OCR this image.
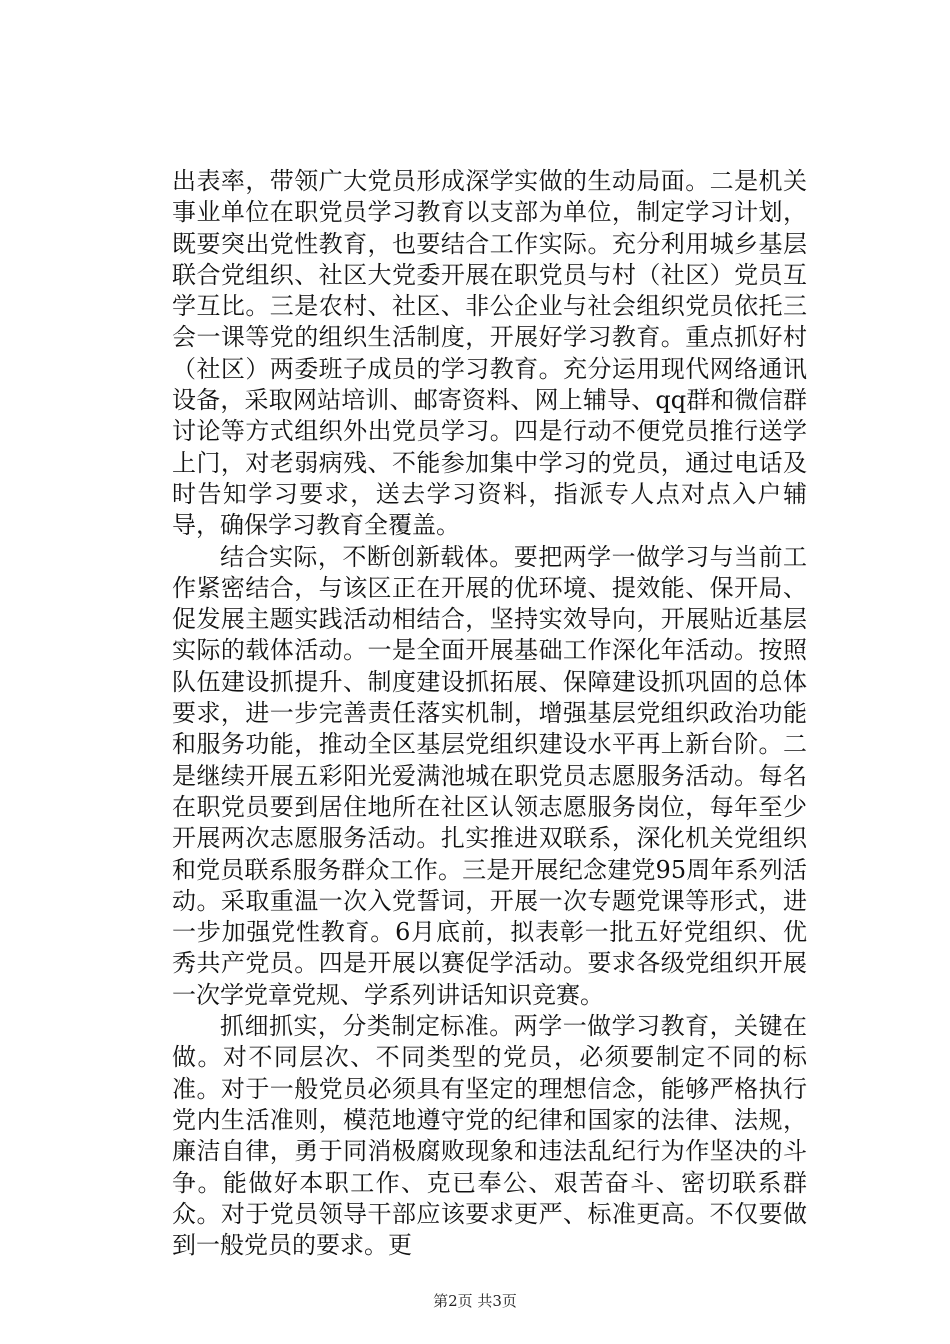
出表率，带领广大党员形成深学实做的生动局面。二是机关事业单位在职党员学习教育以支部为单位，制定学习计划，既要突出党性教育，也要结合工作实际。充分利用城乡基层联合党组织、社区大党委开展在职党员与村（社区）党员互学互比。三是农村、社区、非公企业与社会组织党员依托三会一课等党的组织生活制度，开展好学习教育。重点抓好村（社区）两委班子成员的学习教育。充分运用现代网络通讯设备，采取网站培训、邮寄资料、网上辅导、qq群和微信群讨论等方式组织外出党员学习。四是行动不便党员推行送学上门，对老弱病残、不能参加集中学习的党员，通过电话及时告知学习要求，送去学习资料，指派专人点对点入户辅导，确保学习教育全覆盖。

结合实际，不断创新载体。要把两学一做学习与当前工作紧密结合，与该区正在开展的优环境、提效能、保开局、促发展主题实践活动相结合，坚持实效导向，开展贴近基层实际的载体活动。一是全面开展基础工作深化年活动。按照队伍建设抓提升、制度建设抓拓展、保障建设抓巩固的总体要求，进一步完善责任落实机制，增强基层党组织政治功能和服务功能，推动全区基层党组织建设水平再上新台阶。二是继续开展五彩阳光爱满池城在职党员志愿服务活动。每名在职党员要到居住地所在社区认领志愿服务岗位，每年至少开展两次志愿服务活动。扎实推进双联系，深化机关党组织和党员联系服务群众工作。三是开展纪念建党95周年系列活动。采取重温一次入党誓词，开展一次专题党课等形式，进一步加强党性教育。6月底前，拟表彰一批五好党组织、优秀共产党员。四是开展以赛促学活动。要求各级党组织开展一次学党章党规、学系列讲话知识竞赛。

抓细抓实，分类制定标准。两学一做学习教育，关键在做。对不同层次、不同类型的党员，必须要制定不同的标准。对于一般党员必须具有坚定的理想信念，能够严格执行党内生活准则，模范地遵守党的纪律和国家的法律、法规，廉洁自律，勇于同消极腐败现象和违法乱纪行为作坚决的斗争。能做好本职工作、克已奉公、艰苦奋斗、密切联系群众。对于党员领导干部应该要求更严、标准更高。不仅要做到一般党员的要求。更

第2页 共3页
